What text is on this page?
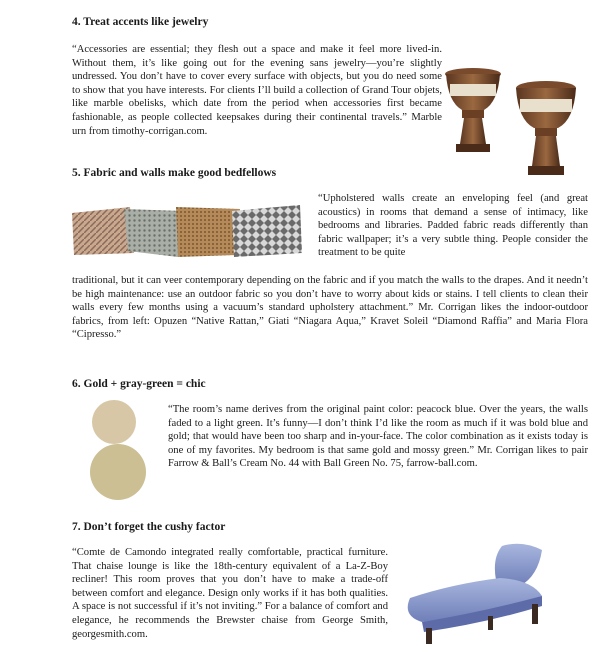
4. Treat accents like jewelry

“Accessories are essential; they flesh out a space and make it feel more lived-in. Without them, it’s like going out for the evening sans jewelry—you’re slightly undressed. You don’t have to cover every surface with objects, but you do need some to show that you have interests. For clients I’ll build a collection of Grand Tour objets, like marble obelisks, which date from the period when accessories first became fashionable, as people collected keepsakes during their continental travels.” Marble urn from timothy-corrigan.com.

5. Fabric and walls make good bedfellows

“Upholstered walls create an enveloping feel (and great acoustics) in rooms that demand a sense of intimacy, like bedrooms and libraries. Padded fabric reads differently than fabric wallpaper; it’s a very subtle thing. People consider the treatment to be quite

traditional, but it can veer contemporary depending on the fabric and if you match the walls to the drapes. And it needn’t be high maintenance: use an outdoor fabric so you don’t have to worry about kids or stains. I tell clients to clean their walls every few months using a vacuum’s standard upholstery attachment.” Mr. Corrigan likes the indoor-outdoor fabrics, from left: Opuzen “Native Rattan,” Giati “Niagara Aqua,” Kravet Soleil “Diamond Raffia” and Maria Flora “Cipresso.”

6. Gold + gray-green = chic

“The room’s name derives from the original paint color: peacock blue. Over the years, the walls faded to a light green. It’s funny—I don’t think I’d like the room as much if it was bold blue and gold; that would have been too sharp and in-your-face. The color combination as it exists today is one of my favorites. My bedroom is that same gold and mossy green.” Mr. Corrigan likes to pair Farrow & Ball’s Cream No. 44 with Ball Green No. 75, farrow-ball.com.

7. Don’t forget the cushy factor

“Comte de Camondo integrated really comfortable, practical furniture. That chaise lounge is like the 18th-century equivalent of a La-Z-Boy recliner! This room proves that you don’t have to make a trade-off between comfort and elegance. Design only works if it has both qualities. A space is not successful if it’s not inviting.” For a balance of comfort and elegance, he recommends the Brewster chaise from George Smith, georgesmith.com.
